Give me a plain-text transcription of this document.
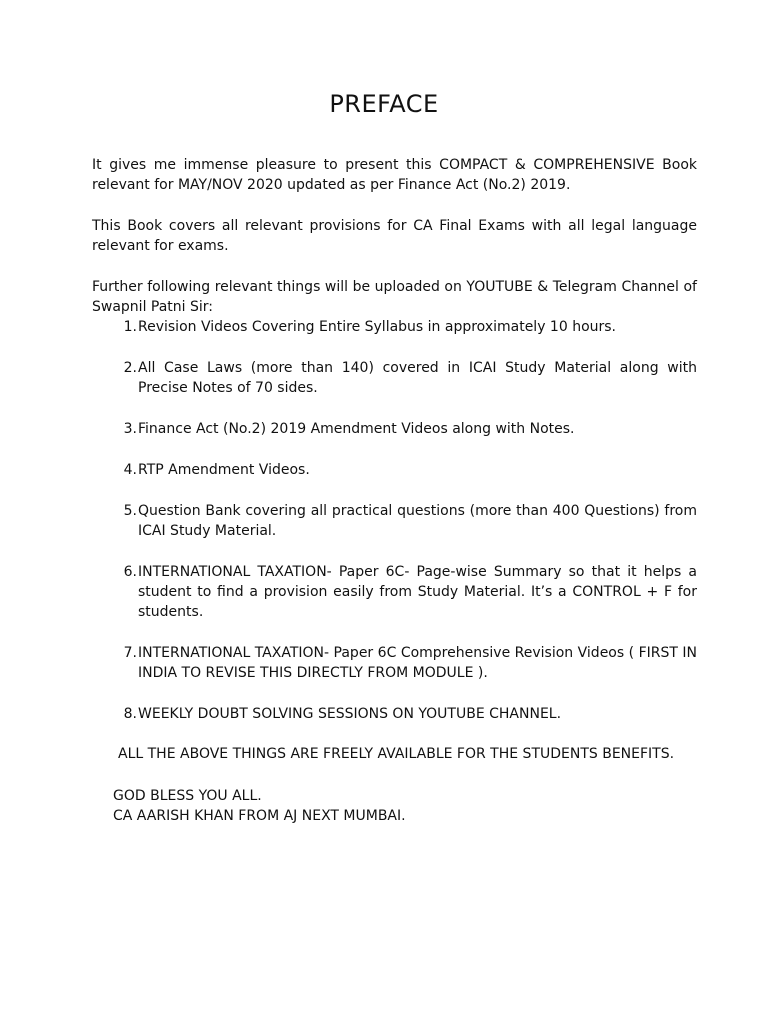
PREFACE

It gives me immense pleasure to present this COMPACT & COMPREHENSIVE Book relevant for MAY/NOV 2020 updated as per Finance Act (No.2) 2019.

This Book covers all relevant provisions for CA Final Exams with all legal language relevant for exams.

Further following relevant things will be uploaded on YOUTUBE & Telegram Channel of Swapnil Patni Sir:

1. Revision Videos Covering Entire Syllabus in approximately 10 hours.
2. All Case Laws (more than 140) covered in ICAI Study Material along with Precise Notes of 70 sides.
3. Finance Act (No.2) 2019 Amendment Videos along with Notes.
4. RTP Amendment Videos.
5. Question Bank covering all practical questions (more than 400 Questions) from ICAI Study Material.
6. INTERNATIONAL TAXATION- Paper 6C- Page-wise Summary so that it helps a student to find a provision easily from Study Material. It’s a CONTROL + F for students.
7. INTERNATIONAL TAXATION- Paper 6C Comprehensive Revision Videos ( FIRST IN INDIA TO REVISE THIS DIRECTLY FROM MODULE ).
8. WEEKLY DOUBT SOLVING SESSIONS ON YOUTUBE CHANNEL.

ALL THE ABOVE THINGS ARE FREELY AVAILABLE FOR THE STUDENTS BENEFITS.

GOD BLESS YOU ALL.

CA AARISH KHAN FROM AJ NEXT MUMBAI.
